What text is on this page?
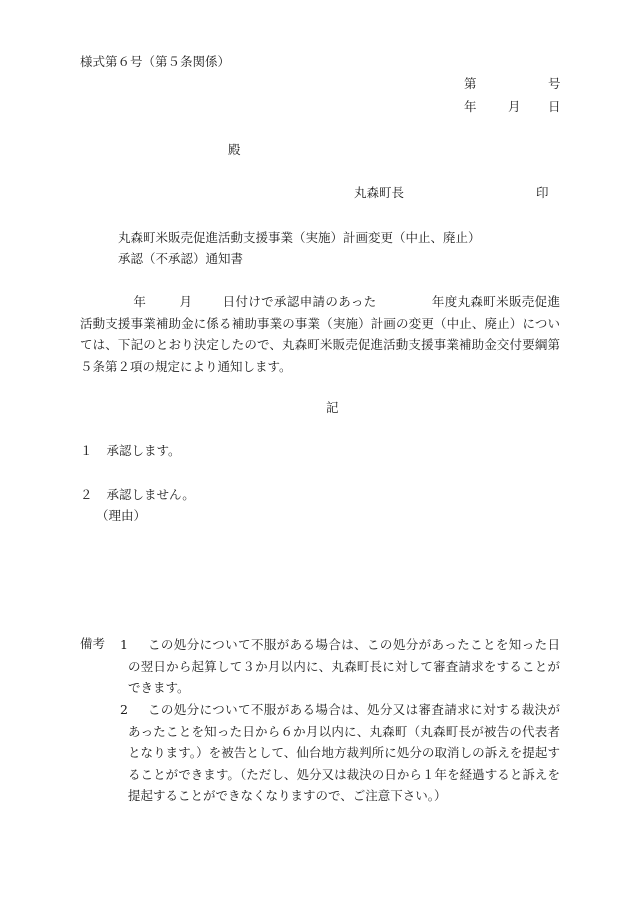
様式第６号（第５条関係）
第	号
年	月 日
殿
丸森町長	印
丸森町米販売促進活動支援事業（実施）計画変更（中止、廃止）
承認（不承認）通知書
年	月 日付けで承認申請のあった	年度丸森町米販売促進活動支援事業補助金に係る補助事業の事業（実施）計画の変更（中止、廃止）については、下記のとおり決定したので、丸森町米販売促進活動支援事業補助金交付要綱第５条第２項の規定により通知します。
記
１ 承認します。
２ 承認しません。
（理由）
備考 1 この処分について不服がある場合は、この処分があったことを知った日の翌日から起算して３か月以内に、丸森町長に対して審査請求をすることができます。
2 この処分について不服がある場合は、処分又は審査請求に対する裁決があったことを知った日から６か月以内に、丸森町（丸森町長が被告の代表者となります。）を被告として、仙台地方裁判所に処分の取消しの訴えを提起することができます。（ただし、処分又は裁決の日から１年を経過すると訴えを提起することができなくなりますので、ご注意下さい。）
